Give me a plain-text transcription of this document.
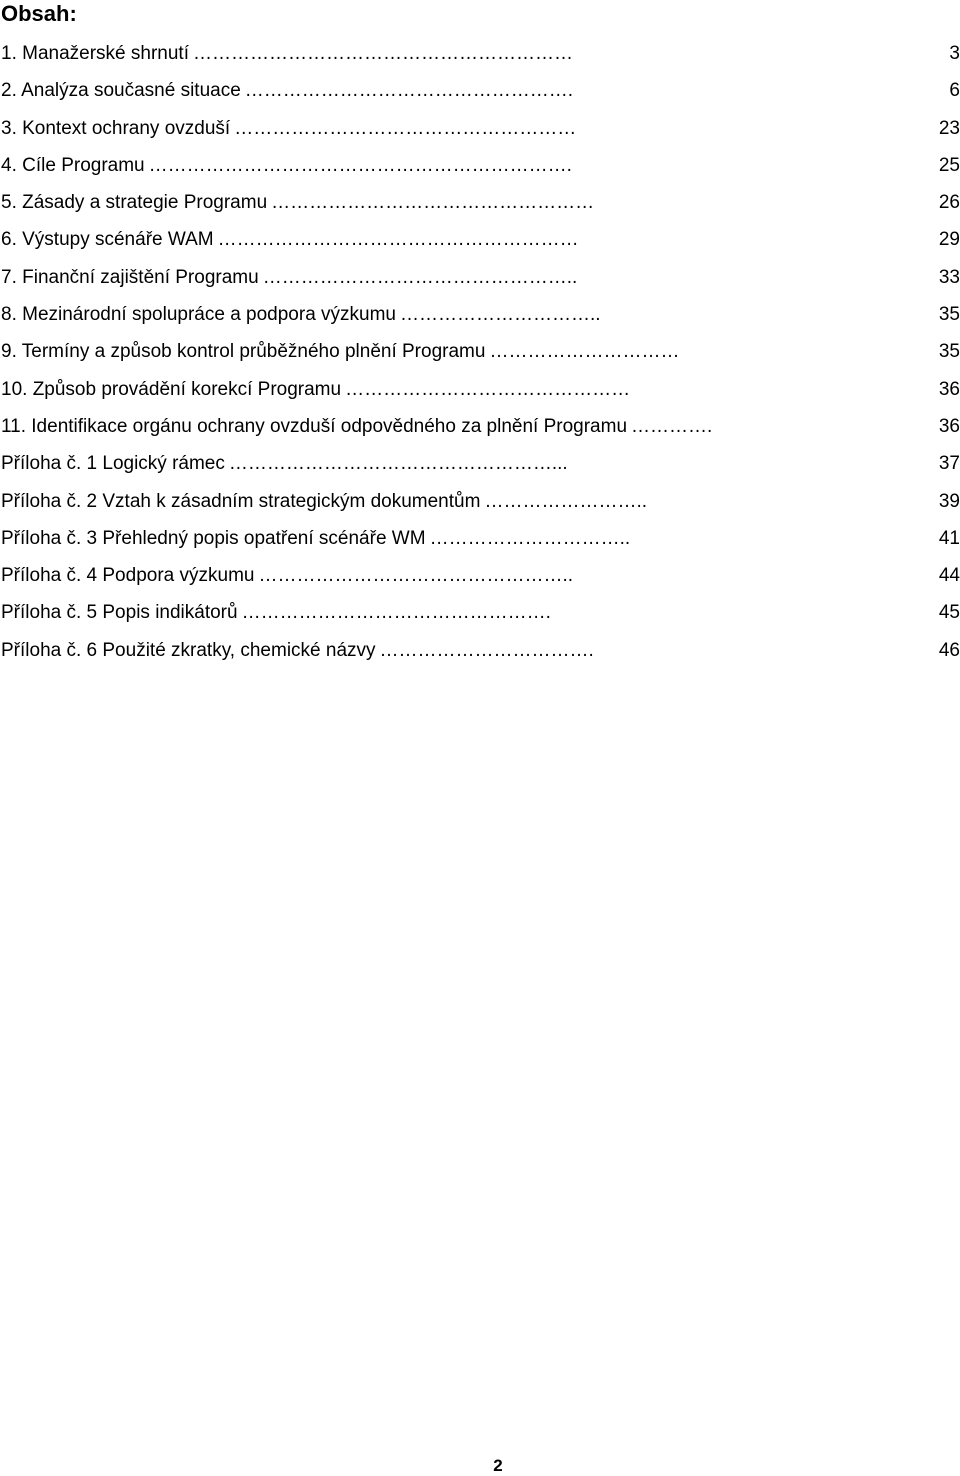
Obsah:
1. Manažerské shrnutí ……………………………………………………	3
2. Analýza současné situace …………………………………………….	6
3. Kontext ochrany ovzduší ………………………………………………	23
4. Cíle Programu ………………………………………………………….	25
5. Zásady a strategie Programu ……………………………………………	26
6. Výstupy scénáře WAM …………………………………………………	29
7. Finanční zajištění Programu …………………………………………..	33
8. Mezinárodní spolupráce a podpora výzkumu …………………………..	35
9. Termíny a způsob kontrol průběžného plnění Programu …………………………	35
10. Způsob provádění korekcí Programu ………………………………………	36
11. Identifikace orgánu ochrany ovzduší odpovědného za plnění Programu ………….	36
Příloha č. 1 Logický rámec ……………………………………………...	37
Příloha č. 2 Vztah k zásadním strategickým dokumentům ……………………..	39
Příloha č. 3 Přehledný popis opatření scénáře WM …………………………..	41
Příloha č. 4 Podpora výzkumu …………………………………………..	44
Příloha č. 5 Popis indikátorů ………………………………………….	45
Příloha č. 6 Použité zkratky, chemické názvy …………………………….	46
2
